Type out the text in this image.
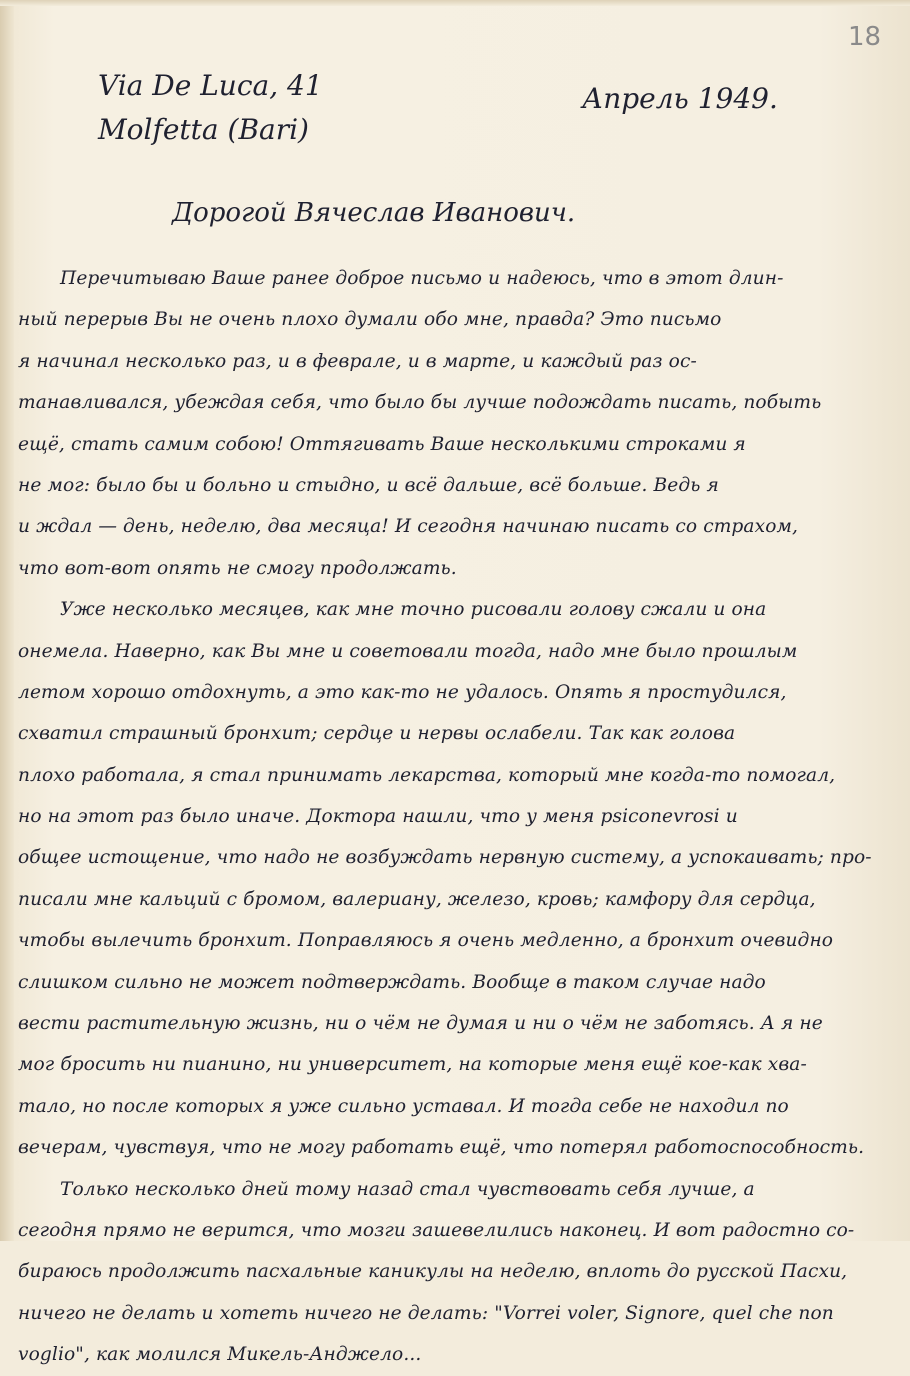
18
Via De Luca, 41
Molfetta (Bari)
Апрель 1949.
Дорогой Вячеслав Иванович.
Перечитываю Ваше ранее доброе письмо и надеюсь, что в этот длин-
ный перерыв Вы не очень плохо думали обо мне, правда? Это письмо
я начинал несколько раз, и в феврале, и в марте, и каждый раз ос-
танавливался, убеждая себя, что было бы лучше подождать писать, побыть
ещё, стать самим собою! Оттягивать Ваше несколькими строками я
не мог: было бы и больно и стыдно, и всё дальше, всё больше. Ведь я
и ждал — день, неделю, два месяца! И сегодня начинаю писать со страхом,
что вот-вот опять не смогу продолжать.
Уже несколько месяцев, как мне точно рисовали голову сжали и она
онемела. Наверно, как Вы мне и советовали тогда, надо мне было прошлым
летом хорошо отдохнуть, а это как-то не удалось. Опять я простудился,
схватил страшный бронхит; сердце и нервы ослабели. Так как голова
плохо работала, я стал принимать лекарства, который мне когда-то помогал,
но на этот раз было иначе. Доктора нашли, что у меня psiconevrosi и
общее истощение, что надо не возбуждать нервную систему, а успокаивать; про-
писали мне кальций с бромом, валериану, железо, кровь; камфору для сердца,
чтобы вылечить бронхит. Поправляюсь я очень медленно, а бронхит очевидно
слишком сильно не может подтверждать. Вообще в таком случае надо
вести растительную жизнь, ни о чём не думая и ни о чём не заботясь. А я не
мог бросить ни пианино, ни университет, на которые меня ещё кое-как хва-
тало, но после которых я уже сильно уставал. И тогда себе не находил по
вечерам, чувствуя, что не могу работать ещё, что потерял работоспособность.
Только несколько дней тому назад стал чувствовать себя лучше, а
сегодня прямо не верится, что мозги зашевелились наконец. И вот радостно со-
бираюсь продолжить пасхальные каникулы на неделю, вплоть до русской Пасхи,
ничего не делать и хотеть ничего не делать: "Vorrei voler, Signore, quel che non
voglio", как молился Микель-Анджело...
